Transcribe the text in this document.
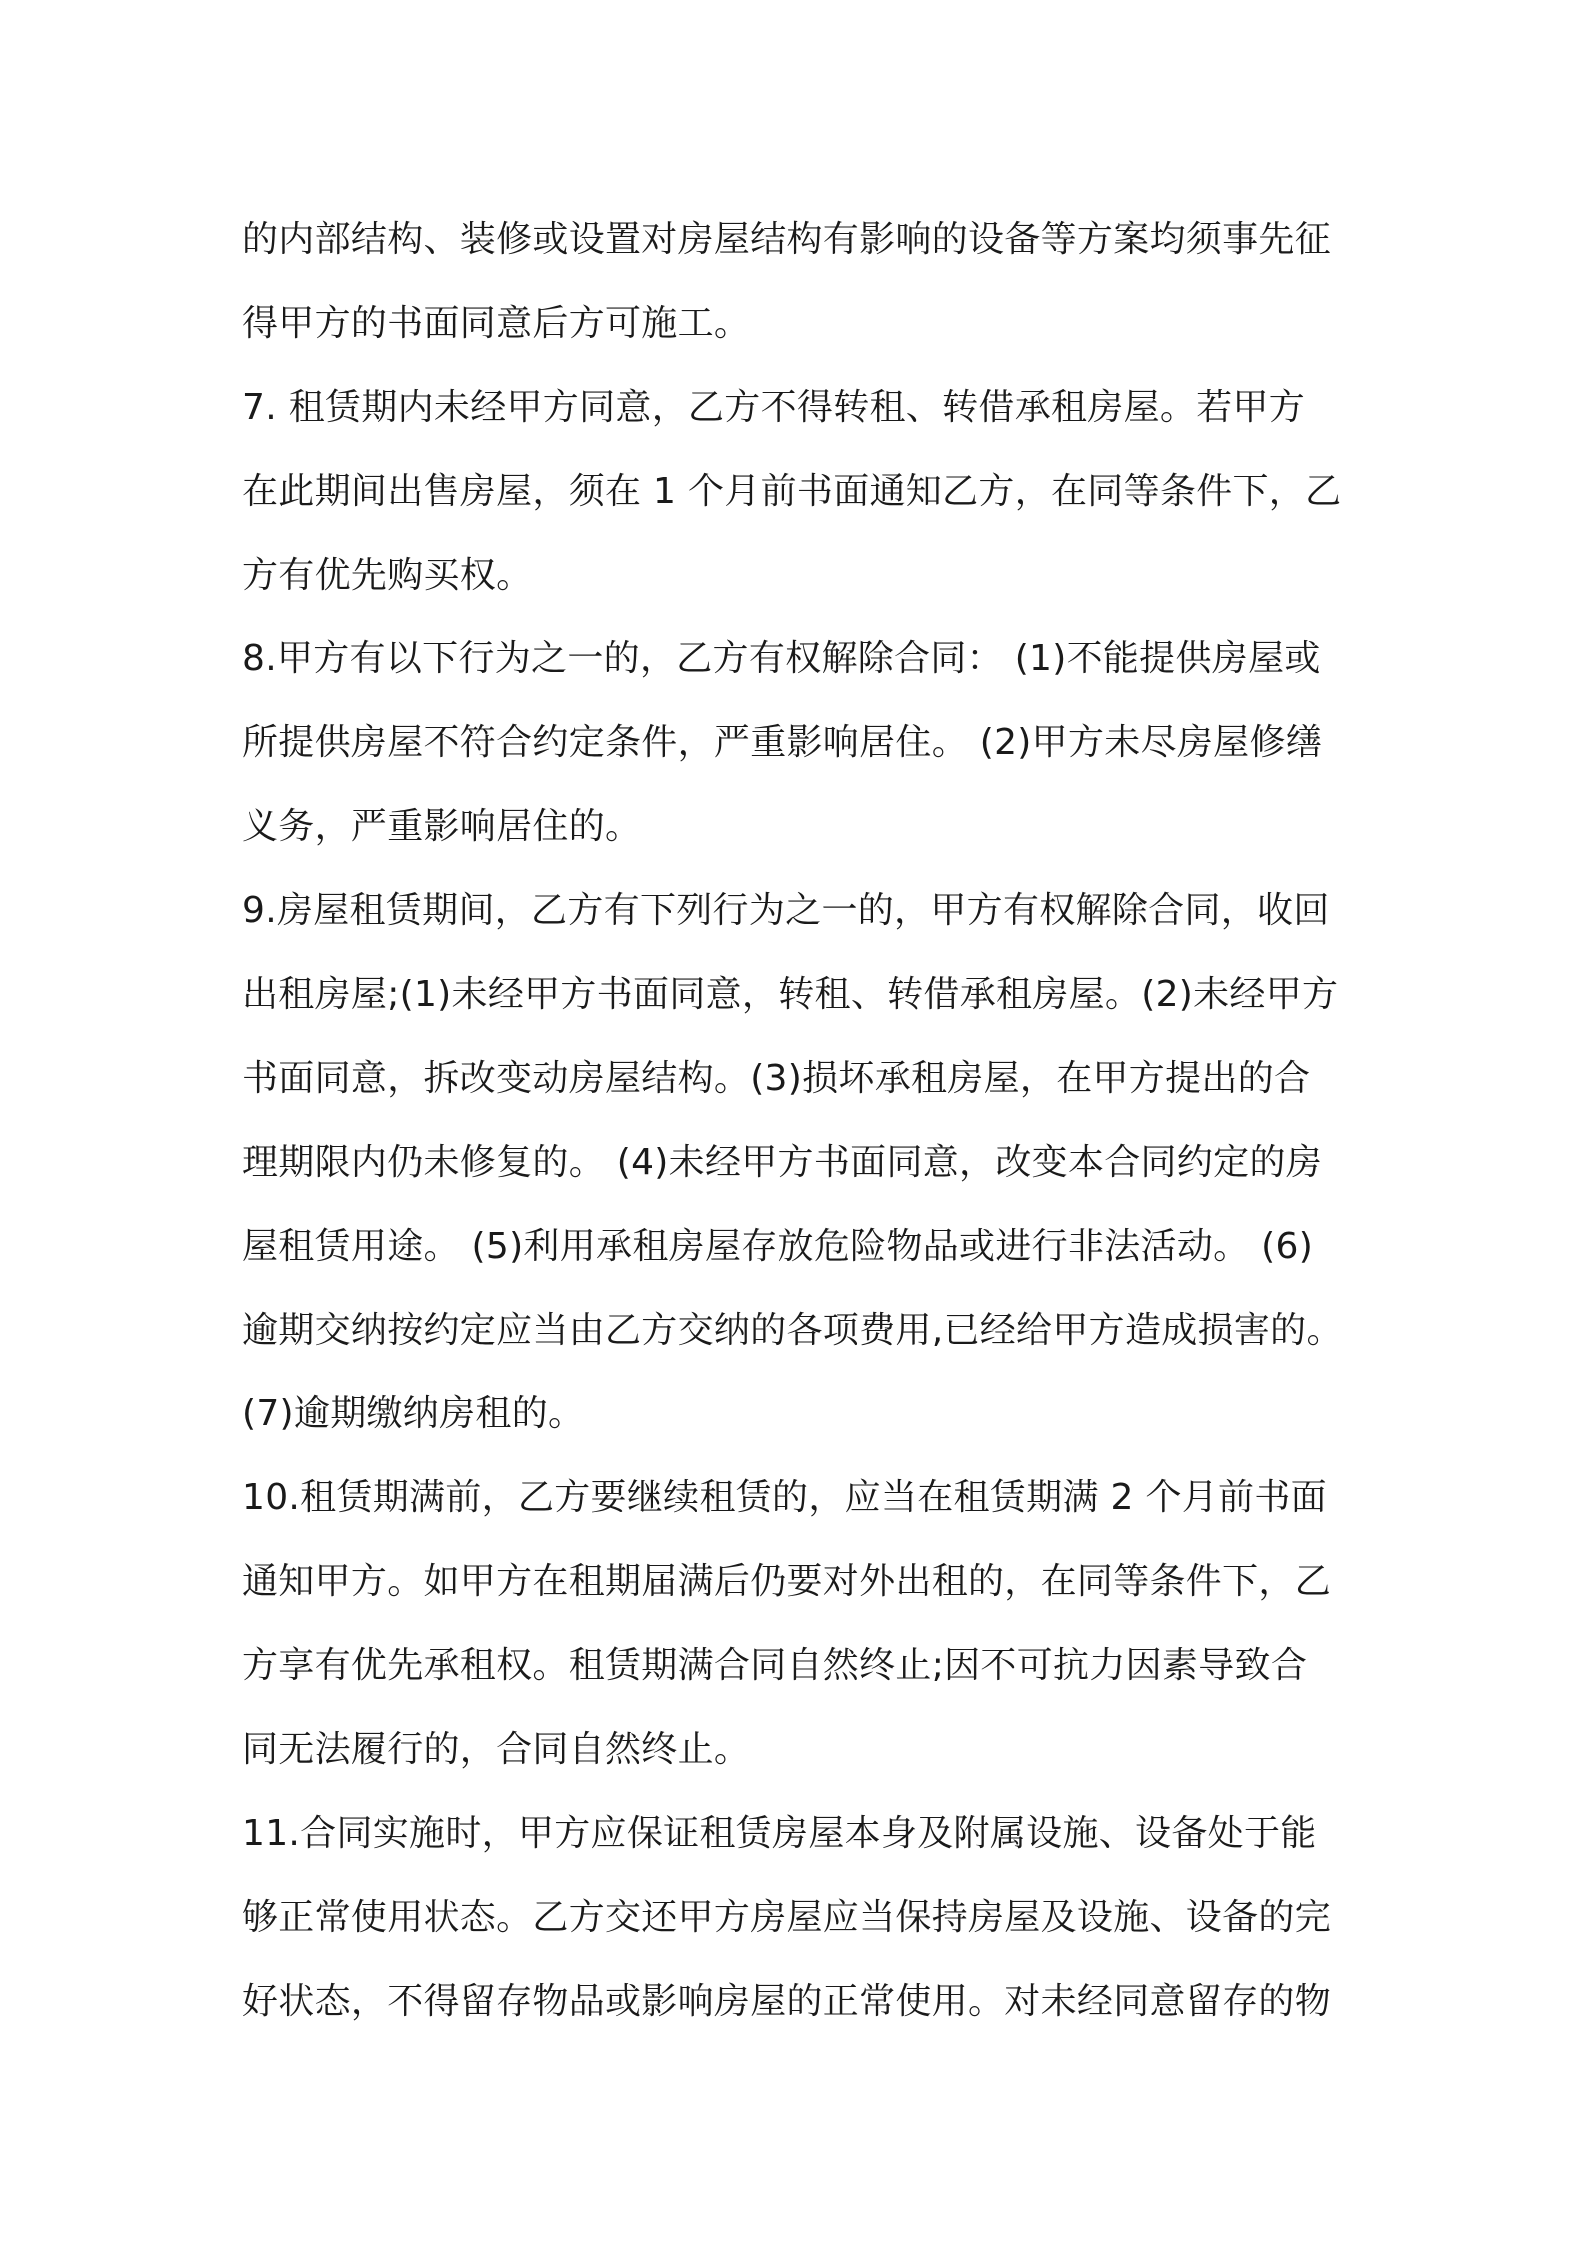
的内部结构、装修或设置对房屋结构有影响的设备等方案均须事先征
得甲方的书面同意后方可施工。
7. 租赁期内未经甲方同意，乙方不得转租、转借承租房屋。若甲方
在此期间出售房屋，须在 1 个月前书面通知乙方，在同等条件下，乙
方有优先购买权。
8.甲方有以下行为之一的，乙方有权解除合同： (1)不能提供房屋或
所提供房屋不符合约定条件，严重影响居住。 (2)甲方未尽房屋修缮
义务，严重影响居住的。
9.房屋租赁期间，乙方有下列行为之一的，甲方有权解除合同，收回
出租房屋;(1)未经甲方书面同意，转租、转借承租房屋。(2)未经甲方
书面同意，拆改变动房屋结构。(3)损坏承租房屋，在甲方提出的合
理期限内仍未修复的。 (4)未经甲方书面同意，改变本合同约定的房
屋租赁用途。 (5)利用承租房屋存放危险物品或进行非法活动。 (6)
逾期交纳按约定应当由乙方交纳的各项费用,已经给甲方造成损害的。
(7)逾期缴纳房租的。
10.租赁期满前，乙方要继续租赁的，应当在租赁期满 2 个月前书面
通知甲方。如甲方在租期届满后仍要对外出租的，在同等条件下，乙
方享有优先承租权。租赁期满合同自然终止;因不可抗力因素导致合
同无法履行的，合同自然终止。
11.合同实施时，甲方应保证租赁房屋本身及附属设施、设备处于能
够正常使用状态。乙方交还甲方房屋应当保持房屋及设施、设备的完
好状态，不得留存物品或影响房屋的正常使用。对未经同意留存的物
